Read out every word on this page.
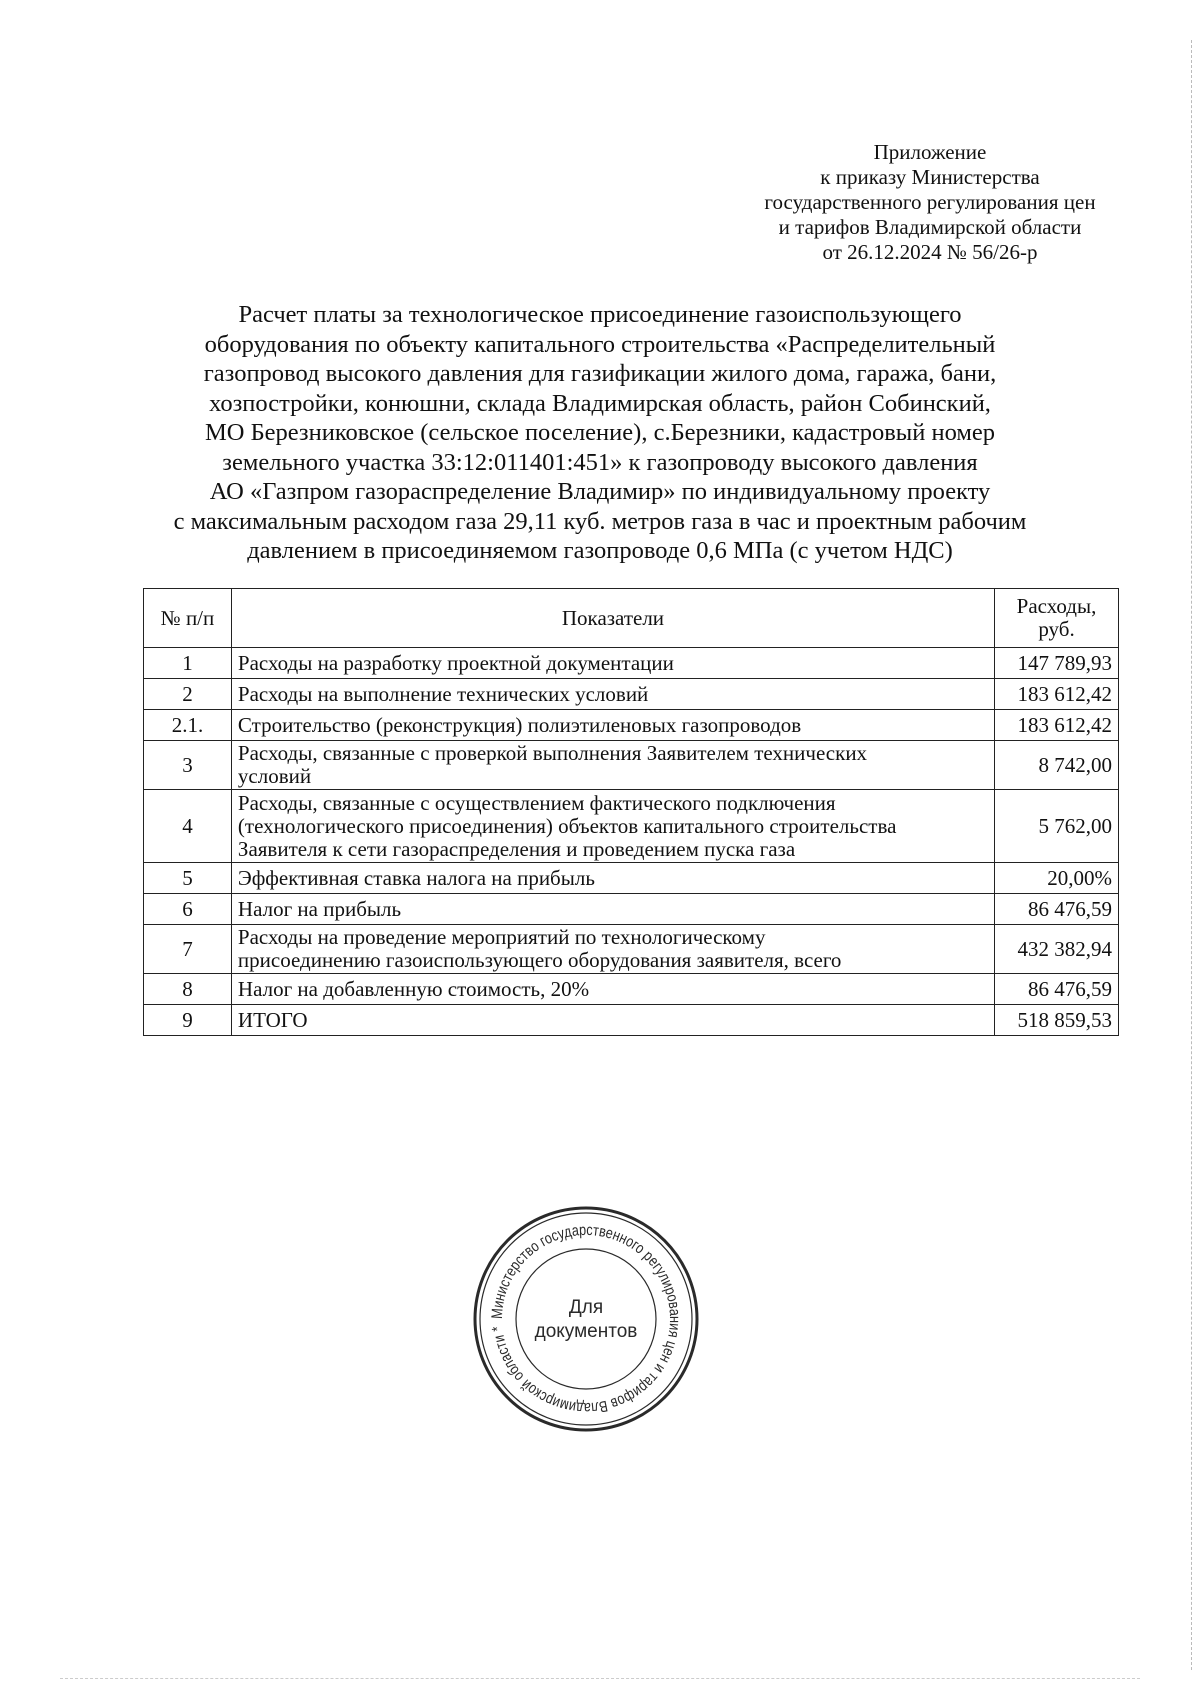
Приложение
к приказу Министерства
государственного регулирования цен
и тарифов Владимирской области
от 26.12.2024 № 56/26-р
Расчет платы за технологическое присоединение газоиспользующего
оборудования по объекту капитального строительства «Распределительный
газопровод высокого давления для газификации жилого дома, гаража, бани,
хозпостройки, конюшни, склада Владимирская область, район Собинский,
МО Березниковское (сельское поселение), с.Березники, кадастровый номер
земельного участка 33:12:011401:451» к газопроводу высокого давления
АО «Газпром газораспределение Владимир» по индивидуальному проекту
с максимальным расходом газа 29,11 куб. метров газа в час и проектным рабочим
давлением в присоединяемом газопроводе 0,6 МПа (с учетом НДС)
№ п/п	Показатели	Расходы,
руб.
1	Расходы на разработку проектной документации	147 789,93
2	Расходы на выполнение технических условий	183 612,42
2.1.	Строительство (реконструкция) полиэтиленовых газопроводов	183 612,42
3	Расходы, связанные с проверкой выполнения Заявителем технических
условий	8 742,00
4	Расходы, связанные с осуществлением фактического подключения
(технологического присоединения) объектов капитального строительства
Заявителя к сети газораспределения и проведением пуска газа	5 762,00
5	Эффективная ставка налога на прибыль	20,00%
6	Налог на прибыль	86 476,59
7	Расходы на проведение мероприятий по технологическому
присоединению газоиспользующего оборудования заявителя, всего	432 382,94
8	Налог на добавленную стоимость, 20%	86 476,59
9	ИТОГО	518 859,53
Министерство государственного регулирования цен и тарифов Владимирской области *
Для
документов
